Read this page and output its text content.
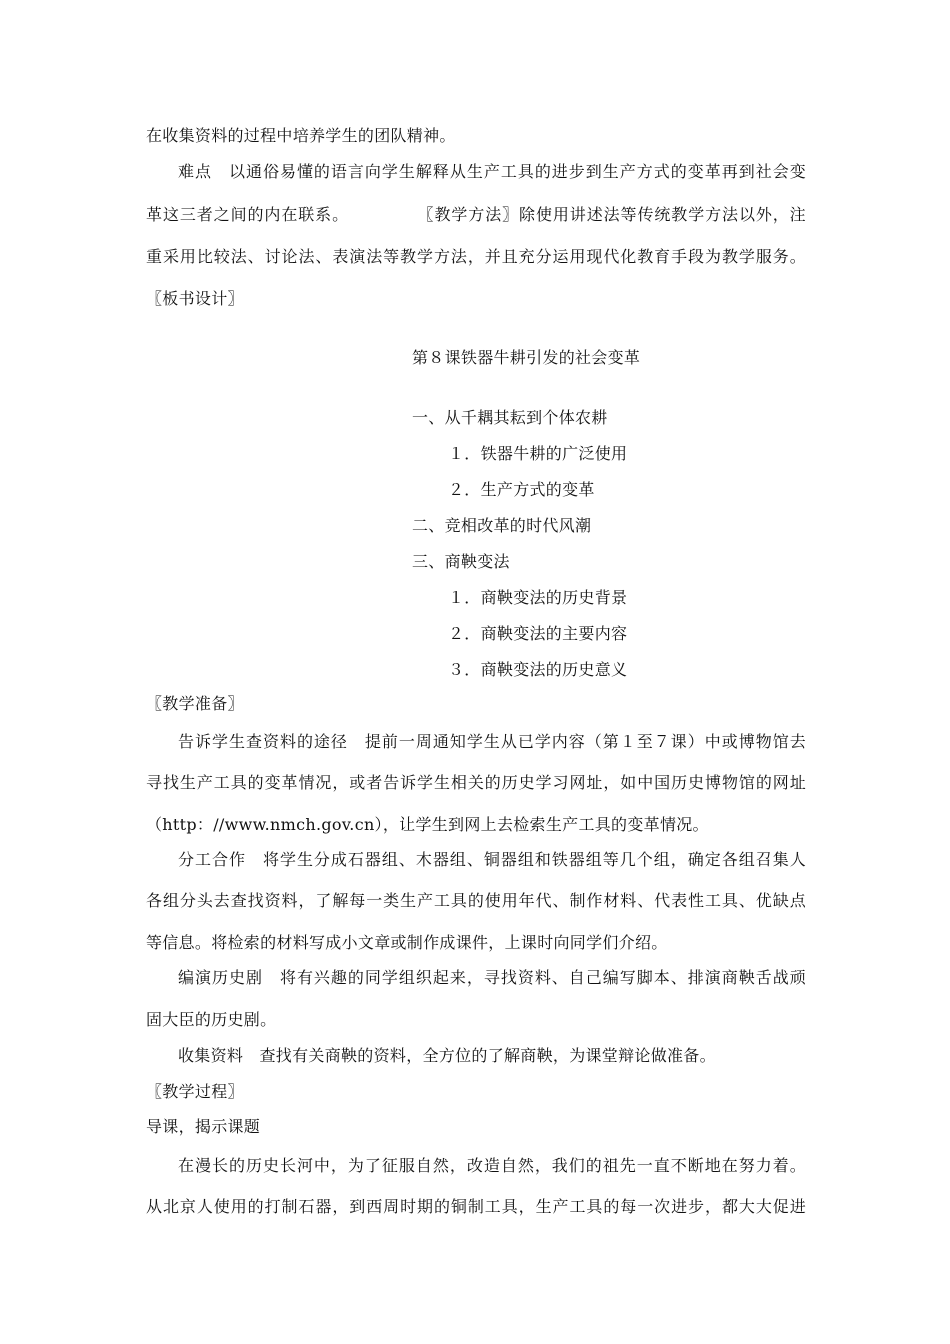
在收集资料的过程中培养学生的团队精神。
难点　以通俗易懂的语言向学生解释从生产工具的进步到生产方式的变革再到社会变
革这三者之间的内在联系。　　　　　〖教学方法〗除使用讲述法等传统教学方法以外，注
重采用比较法、讨论法、表演法等教学方法，并且充分运用现代化教育手段为教学服务。
〖板书设计〗
第８课铁器牛耕引发的社会变革
一、从千耦其耘到个体农耕
１．铁器牛耕的广泛使用
２．生产方式的变革
二、竞相改革的时代风潮
三、商鞅变法
１．商鞅变法的历史背景
２．商鞅变法的主要内容
３．商鞅变法的历史意义
〖教学准备〗
告诉学生查资料的途径　提前一周通知学生从已学内容（第１至７课）中或博物馆去
寻找生产工具的变革情况，或者告诉学生相关的历史学习网址，如中国历史博物馆的网址
（http：//www.nmch.gov.cn），让学生到网上去检索生产工具的变革情况。
分工合作　将学生分成石器组、木器组、铜器组和铁器组等几个组，确定各组召集人
各组分头去查找资料，了解每一类生产工具的使用年代、制作材料、代表性工具、优缺点
等信息。将检索的材料写成小文章或制作成课件，上课时向同学们介绍。
编演历史剧　将有兴趣的同学组织起来，寻找资料、自己编写脚本、排演商鞅舌战顽
固大臣的历史剧。
收集资料　查找有关商鞅的资料，全方位的了解商鞅，为课堂辩论做准备。
〖教学过程〗
导课，揭示课题
在漫长的历史长河中，为了征服自然，改造自然，我们的祖先一直不断地在努力着。
从北京人使用的打制石器，到西周时期的铜制工具，生产工具的每一次进步，都大大促进
